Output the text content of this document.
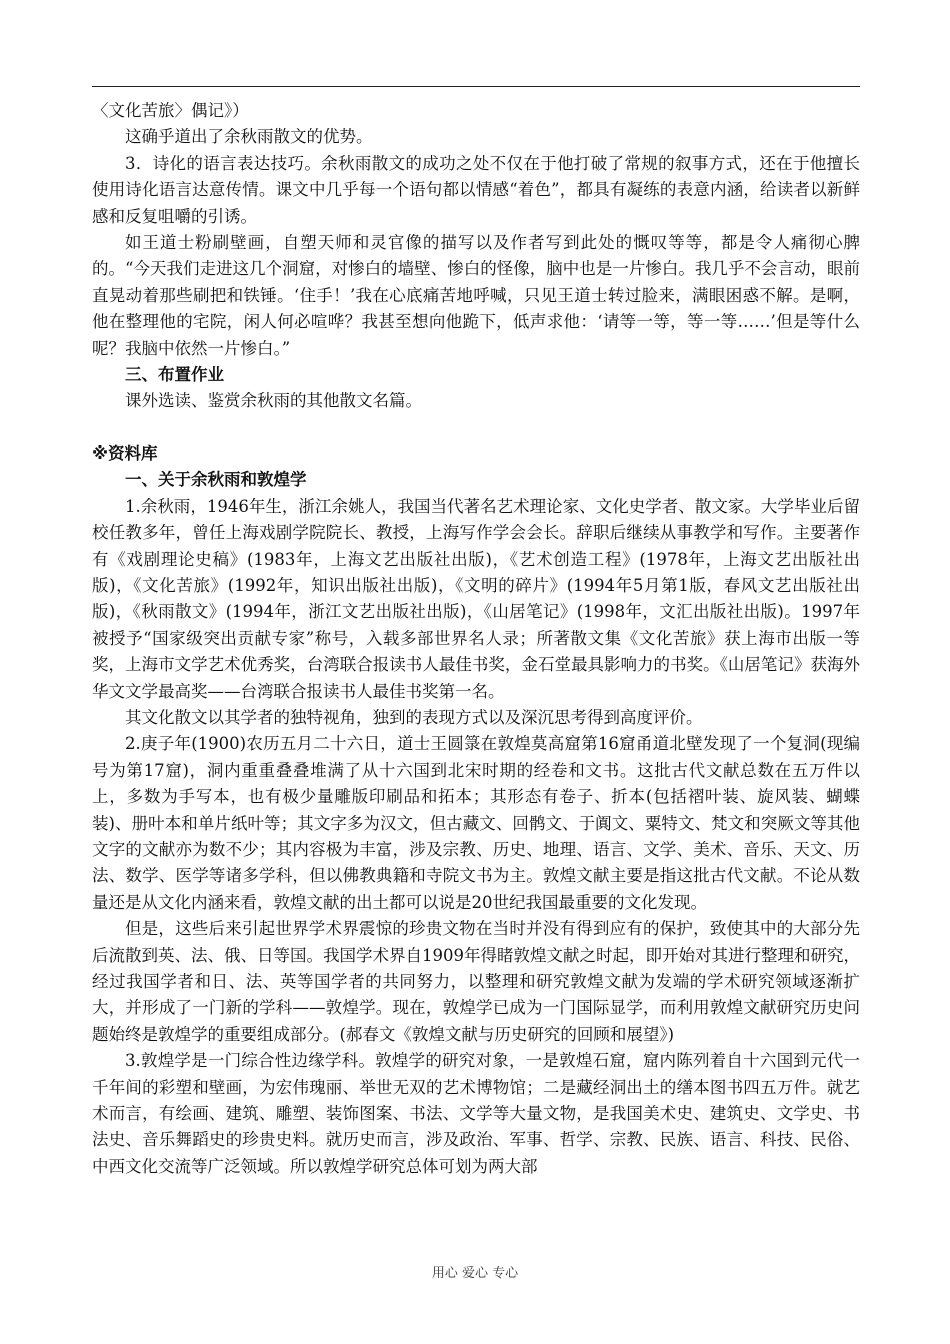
〈文化苦旅〉偶记》）

这确乎道出了余秋雨散文的优势。

3．诗化的语言表达技巧。余秋雨散文的成功之处不仅在于他打破了常规的叙事方式，还在于他擅长使用诗化语言达意传情。课文中几乎每一个语句都以情感“着色”，都具有凝练的表意内涵，给读者以新鲜感和反复咀嚼的引诱。

如王道士粉刷壁画，自塑天师和灵官像的描写以及作者写到此处的慨叹等等，都是令人痛彻心脾的。“今天我们走进这几个洞窟，对惨白的墙壁、惨白的怪像，脑中也是一片惨白。我几乎不会言动，眼前直晃动着那些刷把和铁锤。‘住手！’我在心底痛苦地呼喊，只见王道士转过脸来，满眼困惑不解。是啊，他在整理他的宅院，闲人何必喧哗？我甚至想向他跪下，低声求他：‘请等一等，等一等……’但是等什么呢？我脑中依然一片惨白。”

三、布置作业

课外选读、鉴赏余秋雨的其他散文名篇。

※资料库

一、关于余秋雨和敦煌学

1.余秋雨，1946年生，浙江余姚人，我国当代著名艺术理论家、文化史学者、散文家。大学毕业后留校任教多年，曾任上海戏剧学院院长、教授，上海写作学会会长。辞职后继续从事教学和写作。主要著作有《戏剧理论史稿》(1983年，上海文艺出版社出版)，《艺术创造工程》(1978年，上海文艺出版社出版)，《文化苦旅》(1992年，知识出版社出版)，《文明的碎片》(1994年5月第1版，春风文艺出版社出版)，《秋雨散文》(1994年，浙江文艺出版社出版)，《山居笔记》(1998年，文汇出版社出版)。1997年被授予“国家级突出贡献专家”称号，入载多部世界名人录；所著散文集《文化苦旅》获上海市出版一等奖，上海市文学艺术优秀奖，台湾联合报读书人最佳书奖，金石堂最具影响力的书奖。《山居笔记》获海外华文文学最高奖——台湾联合报读书人最佳书奖第一名。

其文化散文以其学者的独特视角，独到的表现方式以及深沉思考得到高度评价。

2.庚子年(1900)农历五月二十六日，道士王圆箓在敦煌莫高窟第16窟甬道北壁发现了一个复洞(现编号为第17窟)，洞内重重叠叠堆满了从十六国到北宋时期的经卷和文书。这批古代文献总数在五万件以上，多数为手写本，也有极少量雕版印刷品和拓本；其形态有卷子、折本(包括褶叶装、旋风装、蝴蝶装)、册叶本和单片纸叶等；其文字多为汉文，但古藏文、回鹘文、于阗文、粟特文、梵文和突厥文等其他文字的文献亦为数不少；其内容极为丰富，涉及宗教、历史、地理、语言、文学、美术、音乐、天文、历法、数学、医学等诸多学科，但以佛教典籍和寺院文书为主。敦煌文献主要是指这批古代文献。不论从数量还是从文化内涵来看，敦煌文献的出土都可以说是20世纪我国最重要的文化发现。

但是，这些后来引起世界学术界震惊的珍贵文物在当时并没有得到应有的保护，致使其中的大部分先后流散到英、法、俄、日等国。我国学术界自1909年得睹敦煌文献之时起，即开始对其进行整理和研究，经过我国学者和日、法、英等国学者的共同努力，以整理和研究敦煌文献为发端的学术研究领域逐渐扩大，并形成了一门新的学科——敦煌学。现在，敦煌学已成为一门国际显学，而利用敦煌文献研究历史问题始终是敦煌学的重要组成部分。(郝春文《敦煌文献与历史研究的回顾和展望》)

3.敦煌学是一门综合性边缘学科。敦煌学的研究对象，一是敦煌石窟，窟内陈列着自十六国到元代一千年间的彩塑和壁画，为宏伟瑰丽、举世无双的艺术博物馆；二是藏经洞出土的缮本图书四五万件。就艺术而言，有绘画、建筑、雕塑、装饰图案、书法、文学等大量文物，是我国美术史、建筑史、文学史、书法史、音乐舞蹈史的珍贵史料。就历史而言，涉及政治、军事、哲学、宗教、民族、语言、科技、民俗、中西文化交流等广泛领域。所以敦煌学研究总体可划为两大部

用心 爱心 专心
